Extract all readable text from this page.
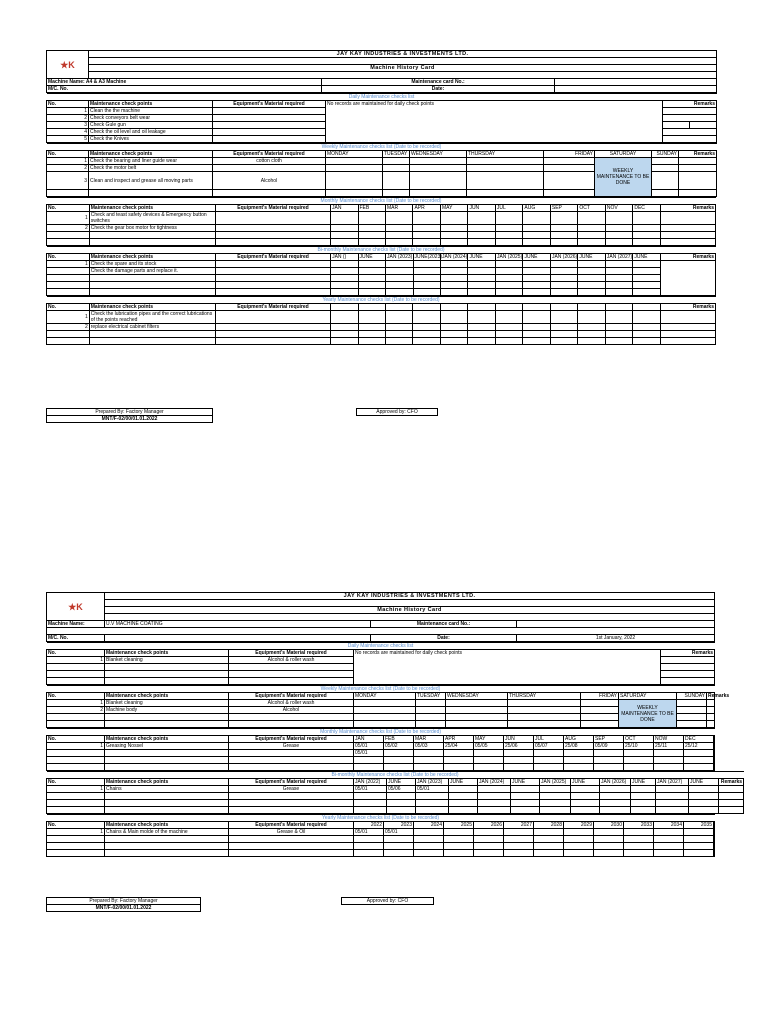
★K	JAY KAY INDUSTRIES & INVESTMENTS LTD.		

	Machine History Card		

Machine Name: A4 & A3 Machine		Maintenance card No.:	
M/C. No.		Date:	
Daily Maintenance checks list					
No.	Maintenance check points	Equipment's Material required	No records are maintained for daily check points	Remarks	
1	Clean the the machine				
2	Check conveyors belt wear				
3	Check Gule gun				
4	Check the oil level and oil leakage				
5	Check the Knives				
Weekly Maintenance checks list (Date to be recorded)										
No.	Maintenance check points	Equipment's Material required	MONDAY	TUESDAY	WEDNESDAY	THURSDAY	FRIDAY	SATURDAY	SUNDAY	Remarks
1	Check the bearing and liner guide wear	cotton cloth						WEEKLY MAINTENANCE TO BE DONE		
2	Check the motor belt									
3	Clean and inspect and grease all moving parts	Alcohol								

Monthly Maintenance checks list (Date to be recorded)															
No.	Maintenance check points	Equipment's Material required	JAN	FEB	MAR	APR	MAY	JUN	JUL	AUG	SEP	OCT	NOV	DEC	Remarks
1	Check and teast safety devices & Emergency button switches														
2	Check the gear box motor for tightness														

Bi-monthly Maintenance checks list (Date to be recorded)															
No.	Maintenance check points	Equipment's Material required	JAN ()	JUNE	JAN (2023)	JUNE(2023)	JAN (2024)	JUNE	JAN (2025)	JUNE	JAN (2026)	JUNE	JAN (2027)	JUNE	Remarks
1	Check the spare and its stock														
	Check the damage parts and replace it.														

Yearly Maintenance checks list (Date to be recorded)															
No.	Maintenance check points	Equipment's Material required													Remarks
1	Check the lubrication pipes and the correct lubrications of the points reached														
2	replace electrical cabinet filters														

Prepared By: Factory Manager
MNT/F-02/00/01.01.2022
Approved by: CFO
★K	JAY KAY INDUSTRIES & INVESTMENTS LTD.		

	Machine History Card		

Machine Name:	U.V MACHINE COATING	Maintenance card No.:	

M/C. No.		Date:	1st January, 2022
Daily Maintenance checks list				
No.	Maintenance check points	Equipment's Material required	No records are maintained for daily check points	Remarks
1	Blanket cleaning	Alcohol & roller wash		

Weekly Maintenance checks list (Date to be recorded)										
No.	Maintenance check points	Equipment's Material required	MONDAY	TUESDAY	WEDNESDAY	THURSDAY	FRIDAY	SATURDAY	SUNDAY	Remarks
1	Blanket cleaning	Alcohol & roller wash						WEEKLY MAINTENANCE TO BE DONE		
2	Machine body	Alcohol								

Monthly Maintenance checks list (Date to be recorded)															
No.	Maintenance check points	Equipment's Material required	JAN	FEB	MAR	APR	MAY	JUN	JUL	AUG	SEP	OCT	NOW	DEC	
1	Greasing Nossel	Grease	05/01	05/02	05/03	25/04	05/05	25/06	05/07	25/08	05/09	25/10	25/11	25/12	
			05/01												

Bi-monthly Maintenance checks list (Date to be recorded)															
No.	Maintenance check points	Equipment's Material required	JAN (2022)	JUNE	JAN (2023)	JUNE	JAN (2024)	JUNE	JAN (2025)	JUNE	JAN (2026)	JUNE	JAN (2027)	JUNE	Remarks
1	Chains	Grease	05/01	05/06	05/01										

Yearly Maintenance checks list (Date to be recorded)															
No.	Maintenance check points	Equipment's Material required	2022	2023	2024	2025	2026	2027	2028	2029	2030	2033	2034	2035	
1	Chains & Main molde of the machine	Grease & Oil	05/01	05/01											

Prepared By: Factory Manager
MNT/F-02/00/01.01.2022
Approved by: CFO
